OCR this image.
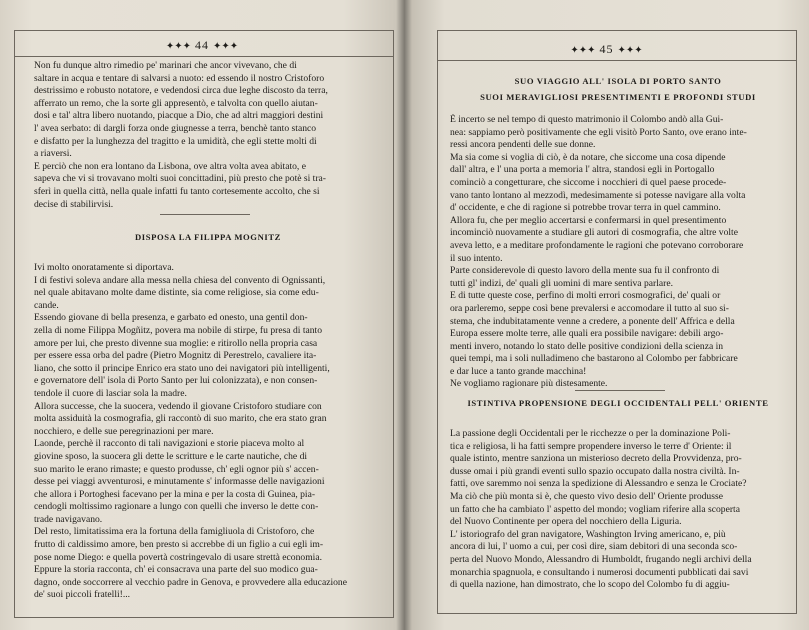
✦✦✦ 44 ✦✦✦
Non fu dunque altro rimedio pe' marinari che ancor vivevano, che di
saltare in acqua e tentare di salvarsi a nuoto: ed essendo il nostro Cristoforo
destrissimo e robusto notatore, e vedendosi circa due leghe discosto da terra,
afferrato un remo, che la sorte gli appresentò, e talvolta con quello aiutan-
dosi e tal' altra libero nuotando, piacque a Dio, che ad altri maggiori destini
l' avea serbato: di dargli forza onde giugnesse a terra, benchè tanto stanco
e disfatto per la lunghezza del tragitto e la umidità, che egli stette molti di
a riaversi.
E perciò che non era lontano da Lisbona, ove altra volta avea abitato, e
sapeva che vi si trovavano molti suoi concittadini, più presto che potè si tra-
sferì in quella città, nella quale infatti fu tanto cortesemente accolto, che si
decise di stabilirvisi.
DISPOSA LA FILIPPA MOGNITZ
Ivi molto onoratamente si diportava.
I di festivi soleva andare alla messa nella chiesa del convento di Ognissanti,
nel quale abitavano molte dame distinte, sia come religiose, sia come edu-
cande.
Essendo giovane di bella presenza, e garbato ed onesto, una gentil don-
zella di nome Filippa Mogñitz, povera ma nobile di stirpe, fu presa di tanto
amore per lui, che presto divenne sua moglie: e ritirollo nella propria casa
per essere essa orba del padre (Pietro Mognitz di Perestrelo, cavaliere ita-
liano, che sotto il principe Enrico era stato uno dei navigatori più intelligenti,
e governatore dell' isola di Porto Santo per lui colonizzata), e non consen-
tendole il cuore di lasciar sola la madre.
Allora successe, che la suocera, vedendo il giovane Cristoforo studiare con
molta assiduità la cosmografia, gli raccontò di suo marito, che era stato gran
nocchiero, e delle sue peregrinazioni per mare.
Laonde, perchè il racconto di tali navigazioni e storie piaceva molto al
giovine sposo, la suocera gli dette le scritture e le carte nautiche, che di
suo marito le erano rimaste; e questo produsse, ch' egli ognor più s' accen-
desse pei viaggi avventurosi, e minutamente s' informasse delle navigazioni
che allora i Portoghesi facevano per la mina e per la costa di Guinea, pia-
cendogli moltissimo ragionare a lungo con quelli che inverso le dette con-
trade navigavano.
Del resto, limitatissima era la fortuna della famigliuola di Cristoforo, che
frutto di caldissimo amore, ben presto si accrebbe di un figlio a cui egli im-
pose nome Diego: e quella povertà costringevalo di usare strettà economia.
Eppure la storia racconta, ch' ei consacrava una parte del suo modico gua-
dagno, onde soccorrere al vecchio padre in Genova, e provvedere alla educazione
de' suoi piccoli fratelli!...
✦✦✦ 45 ✦✦✦
SUO VIAGGIO ALL' ISOLA DI PORTO SANTO
SUOI MERAVIGLIOSI PRESENTIMENTI E PROFONDI STUDI
È incerto se nel tempo di questo matrimonio il Colombo andò alla Gui-
nea: sappiamo però positivamente che egli visitò Porto Santo, ove erano inte-
ressi ancora pendenti delle sue donne.
Ma sia come si voglia di ciò, è da notare, che siccome una cosa dipende
dall' altra, e l' una porta a memoria l' altra, standosi egli in Portogallo
cominciò a congetturare, che siccome i nocchieri di quel paese procede-
vano tanto lontano al mezzodì, medesimamente si potesse navigare alla volta
d' occidente, e che di ragione si potrebbe trovar terra in quel cammino.
Allora fu, che per meglio accertarsi e confermarsi in quel presentimento
incominciò nuovamente a studiare gli autori di cosmografia, che altre volte
aveva letto, e a meditare profondamente le ragioni che potevano corroborare
il suo intento.
Parte considerevole di questo lavoro della mente sua fu il confronto di
tutti gl' indizi, de' quali gli uomini di mare sentiva parlare.
E di tutte queste cose, perfino di molti errori cosmografici, de' quali or
ora parleremo, seppe così bene prevalersi e accomodare il tutto al suo si-
stema, che indubitatamente venne a credere, a ponente dell' Affrica e della
Europa essere molte terre, alle quali era possibile navigare: debili argo-
menti invero, notando lo stato delle positive condizioni della scienza in
quei tempi, ma i soli nulladimeno che bastarono al Colombo per fabbricare
e dar luce a tanto grande macchina!
Ne vogliamo ragionare più distesamente.
ISTINTIVA PROPENSIONE DEGLI OCCIDENTALI PELL' ORIENTE
La passione degli Occidentali per le ricchezze o per la dominazione Poli-
tica e religiosa, li ha fatti sempre propendere inverso le terre d' Oriente: il
quale istinto, mentre sanziona un misterioso decreto della Provvidenza, pro-
dusse omai i più grandi eventi sullo spazio occupato dalla nostra civiltà. In-
fatti, ove saremmo noi senza la spedizione di Alessandro e senza le Crociate?
Ma ciò che più monta si è, che questo vivo desio dell' Oriente produsse
un fatto che ha cambiato l' aspetto del mondo; vogliam riferire alla scoperta
del Nuovo Continente per opera del nocchiero della Liguria.
L' istoriografo del gran navigatore, Washington Irving americano, e, più
ancora di lui, l' uomo a cui, per così dire, siam debitori di una seconda sco-
perta del Nuovo Mondo, Alessandro di Humboldt, frugando negli archivi della
monarchia spagnuola, e consultando i numerosi documenti pubblicati dai savi
di quella nazione, han dimostrato, che lo scopo del Colombo fu di aggiu-
